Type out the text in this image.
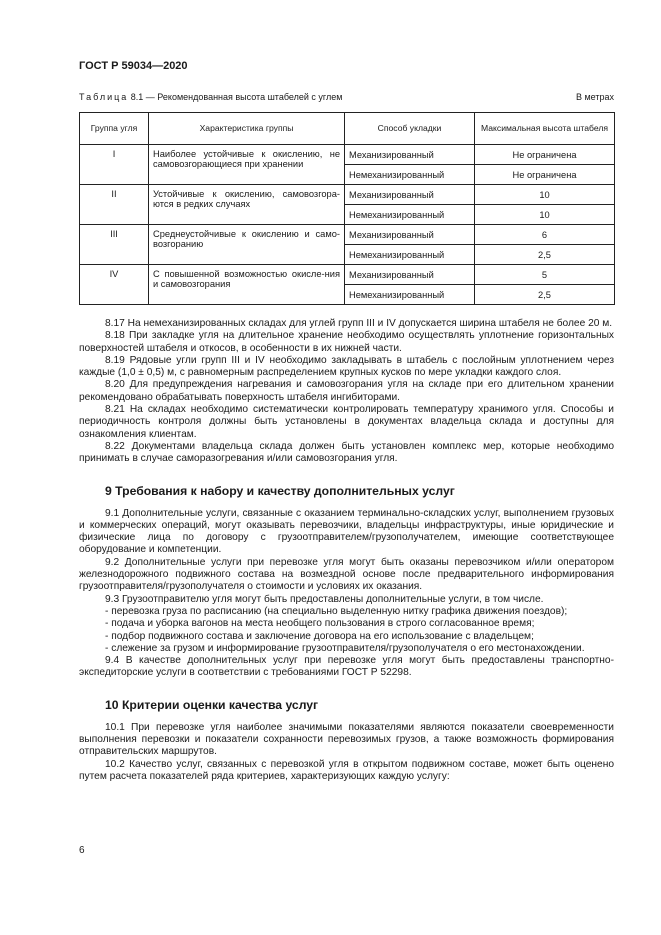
ГОСТ Р 59034—2020
Таблица 8.1 — Рекомендованная высота штабелей с углем	В метрах
Группа угля	Характеристика группы	Способ укладки	Максимальная высота штабеля
I	Наиболее устойчивые к окислению, не самовозгорающиеся при хранении	Механизированный	Не ограничена
		Немеханизированный	Не ограничена
II	Устойчивые к окислению, самовозгора-ются в редких случаях	Механизированный	10
		Немеханизированный	10
III	Среднеустойчивые к окислению и само-возгоранию	Механизированный	6
		Немеханизированный	2,5
IV	С повышенной возможностью окисле-ния и самовозгорания	Механизированный	5
		Немеханизированный	2,5

8.17 На немеханизированных складах для углей групп III и IV допускается ширина штабеля не более 20 м.

8.18 При закладке угля на длительное хранение необходимо осуществлять уплотнение горизонтальных поверхностей штабеля и откосов, в особенности в их нижней части.

8.19 Рядовые угли групп III и IV необходимо закладывать в штабель с послойным уплотнением через каждые (1,0 ± 0,5) м, с равномерным распределением крупных кусков по мере укладки каждого слоя.

8.20 Для предупреждения нагревания и самовозгорания угля на складе при его длительном хранении рекомендовано обрабатывать поверхность штабеля ингибиторами.

8.21 На складах необходимо систематически контролировать температуру хранимого угля. Способы и периодичность контроля должны быть установлены в документах владельца склада и доступны для ознакомления клиентам.

8.22 Документами владельца склада должен быть установлен комплекс мер, которые необходимо принимать в случае саморазогревания и/или самовозгорания угля.

9 Требования к набору и качеству дополнительных услуг

9.1 Дополнительные услуги, связанные с оказанием терминально-складских услуг, выполнением грузовых и коммерческих операций, могут оказывать перевозчики, владельцы инфраструктуры, иные юридические и физические лица по договору с грузоотправителем/грузополучателем, имеющие соответствующее оборудование и компетенции.

9.2 Дополнительные услуги при перевозке угля могут быть оказаны перевозчиком и/или оператором железнодорожного подвижного состава на возмездной основе после предварительного информирования грузоотправителя/грузополучателя о стоимости и условиях их оказания.

9.3 Грузоотправителю угля могут быть предоставлены дополнительные услуги, в том числе.

- перевозка груза по расписанию (на специально выделенную нитку графика движения поездов);

- подача и уборка вагонов на места необщего пользования в строго согласованное время;

- подбор подвижного состава и заключение договора на его использование с владельцем;

- слежение за грузом и информирование грузоотправителя/грузополучателя о его местонахождении.

9.4 В качестве дополнительных услуг при перевозке угля могут быть предоставлены транспортно-экспедиторские услуги в соответствии с требованиями ГОСТ Р 52298.

10 Критерии оценки качества услуг

10.1 При перевозке угля наиболее значимыми показателями являются показатели своевременности выполнения перевозки и показатели сохранности перевозимых грузов, а также возможность формирования отправительских маршрутов.

10.2 Качество услуг, связанных с перевозкой угля в открытом подвижном составе, может быть оценено путем расчета показателей ряда критериев, характеризующих каждую услугу:

6
